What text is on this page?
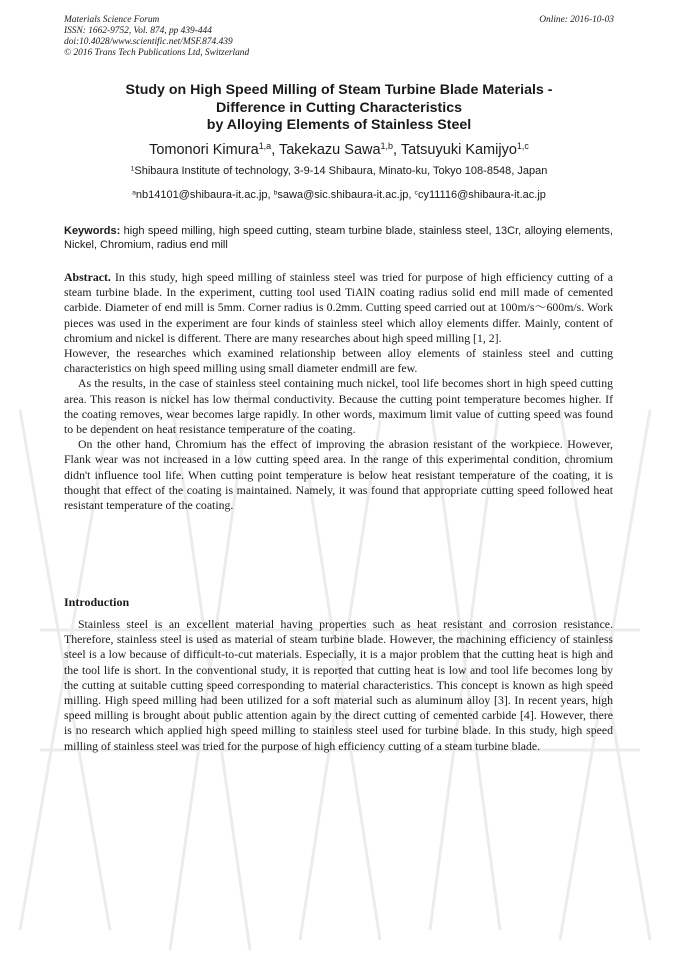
Materials Science Forum
ISSN: 1662-9752, Vol. 874, pp 439-444
doi:10.4028/www.scientific.net/MSF.874.439
© 2016 Trans Tech Publications Ltd, Switzerland
Online: 2016-10-03
Study on High Speed Milling of Steam Turbine Blade Materials -
Difference in Cutting Characteristics
by Alloying Elements of Stainless Steel
Tomonori Kimura$^{1,a}$, Takekazu Sawa$^{1,b}$, Tatsuyuki Kamijyo$^{1,c}$
$^1$Shibaura Institute of technology, 3-9-14 Shibaura, Minato-ku, Tokyo 108-8548, Japan
$^a$nb14101@shibaura-it.ac.jp, $^b$sawa@sic.shibaura-it.ac.jp, $^c$cy11116@shibaura-it.ac.jp
Keywords: high speed milling, high speed cutting, steam turbine blade, stainless steel, 13Cr, alloying elements, Nickel, Chromium, radius end mill

Abstract. In this study, high speed milling of stainless steel was tried for purpose of high efficiency cutting of a steam turbine blade. In the experiment, cutting tool used TiAlN coating radius solid end mill made of cemented carbide. Diameter of end mill is 5mm. Corner radius is 0.2mm. Cutting speed carried out at 100m/s～600m/s. Work pieces was used in the experiment are four kinds of stainless steel which alloy elements differ. Mainly, content of chromium and nickel is different. There are many researches about high speed milling [1, 2].

However, the researches which examined relationship between alloy elements of stainless steel and cutting characteristics on high speed milling using small diameter endmill are few.

As the results, in the case of stainless steel containing much nickel, tool life becomes short in high speed cutting area. This reason is nickel has low thermal conductivity. Because the cutting point temperature becomes higher. If the coating removes, wear becomes large rapidly. In other words, maximum limit value of cutting speed was found to be dependent on heat resistance temperature of the coating.

On the other hand, Chromium has the effect of improving the abrasion resistant of the workpiece. However, Flank wear was not increased in a low cutting speed area. In the range of this experimental condition, chromium didn't influence tool life. When cutting point temperature is below heat resistant temperature of the coating, it is thought that effect of the coating is maintained. Namely, it was found that appropriate cutting speed followed heat resistant temperature of the coating.

Introduction

Stainless steel is an excellent material having properties such as heat resistant and corrosion resistance. Therefore, stainless steel is used as material of steam turbine blade. However, the machining efficiency of stainless steel is a low because of difficult-to-cut materials. Especially, it is a major problem that the cutting heat is high and the tool life is short. In the conventional study, it is reported that cutting heat is low and tool life becomes long by the cutting at suitable cutting speed corresponding to material characteristics. This concept is known as high speed milling. High speed milling had been utilized for a soft material such as aluminum alloy [3]. In recent years, high speed milling is brought about public attention again by the direct cutting of cemented carbide [4]. However, there is no research which applied high speed milling to stainless steel used for turbine blade. In this study, high speed milling of stainless steel was tried for the purpose of high efficiency cutting of a steam turbine blade.
